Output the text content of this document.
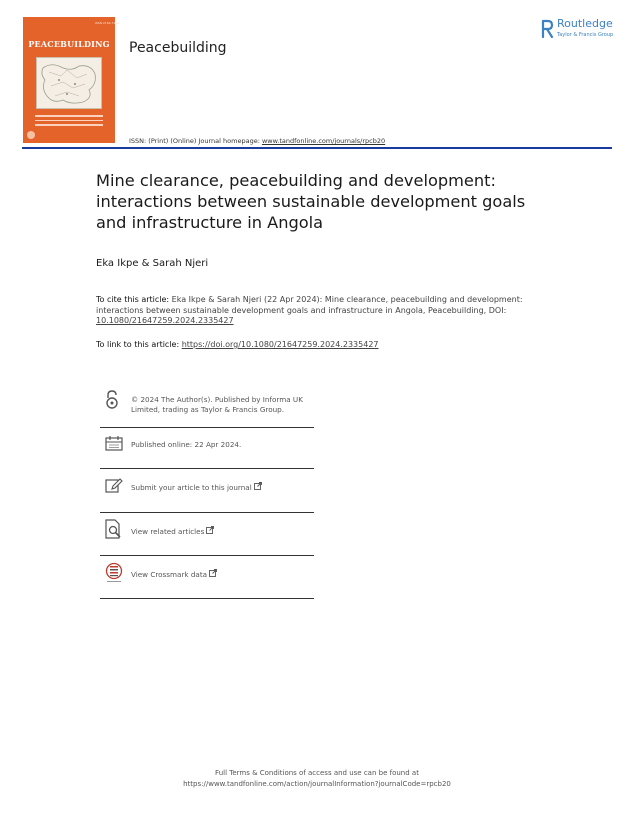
ISSN 2164-7259
PEACEBUILDING	Peacebuilding
Routledge
Taylor & Francis Group
ISSN: (Print) (Online) Journal homepage: www.tandfonline.com/journals/rpcb20
Mine clearance, peacebuilding and development: interactions between sustainable development goals and infrastructure in Angola
Eka Ikpe & Sarah Njeri
To cite this article: Eka Ikpe & Sarah Njeri (22 Apr 2024): Mine clearance, peacebuilding and development: interactions between sustainable development goals and infrastructure in Angola, Peacebuilding, DOI: 10.1080/21647259.2024.2335427
To link to this article: https://doi.org/10.1080/21647259.2024.2335427
© 2024 The Author(s). Published by Informa UK Limited, trading as Taylor & Francis Group.
Published online: 22 Apr 2024.
Submit your article to this journal
View related articles
View Crossmark data
Full Terms & Conditions of access and use can be found at
https://www.tandfonline.com/action/journalInformation?journalCode=rpcb20
